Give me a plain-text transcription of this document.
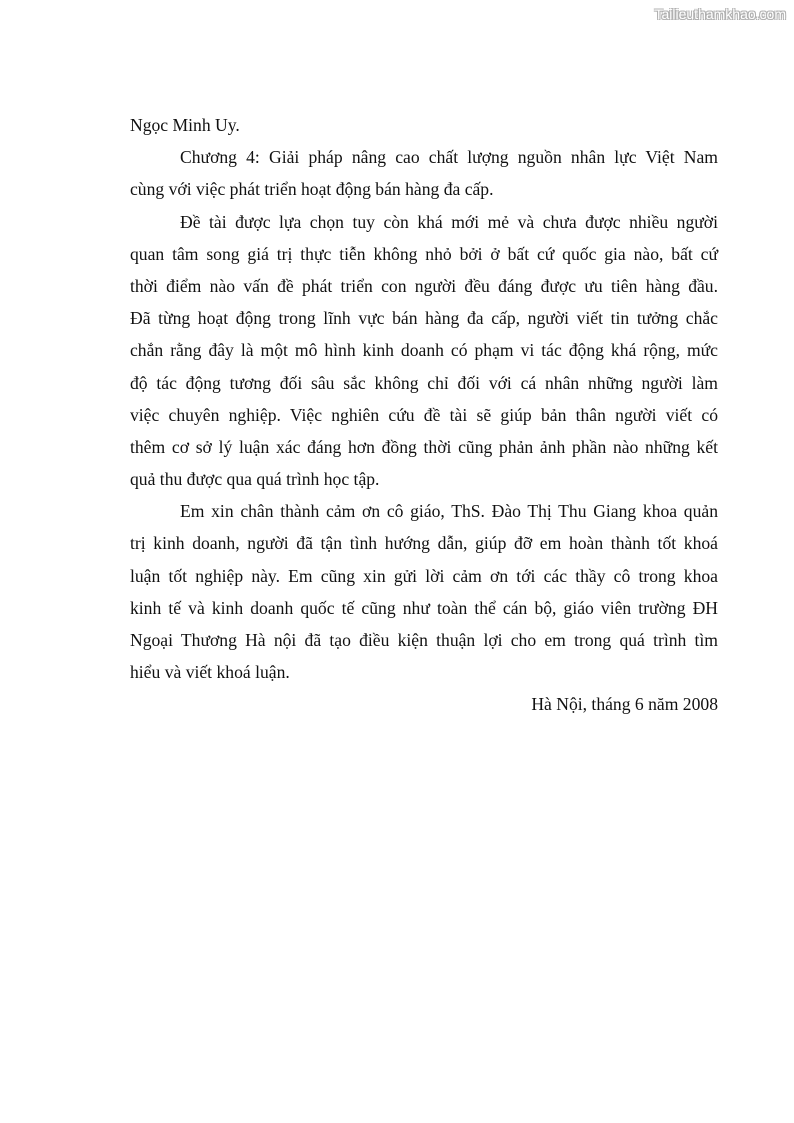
Tailieuthamkhao.com
Ngọc Minh Uy.
Chương 4: Giải pháp nâng cao chất lượng nguồn nhân lực Việt Nam
cùng với việc phát triển hoạt động bán hàng đa cấp.
Đề tài được lựa chọn tuy còn khá mới mẻ và chưa được nhiều người
quan tâm song giá trị thực tiễn không nhỏ bởi ở bất cứ quốc gia nào, bất cứ
thời điểm nào vấn đề phát triển con người đều đáng được ưu tiên hàng đầu.
Đã từng hoạt động trong lĩnh vực bán hàng đa cấp, người viết tin tưởng chắc
chắn rằng đây là một mô hình kinh doanh có phạm vi tác động khá rộng, mức
độ tác động tương đối sâu sắc không chỉ đối với cá nhân những người làm
việc chuyên nghiệp. Việc nghiên cứu đề tài sẽ giúp bản thân người viết có
thêm cơ sở lý luận xác đáng hơn đồng thời cũng phản ảnh phần nào những kết
quả thu được qua quá trình học tập.
Em xin chân thành cảm ơn cô giáo, ThS. Đào Thị Thu Giang khoa quản
trị kinh doanh, người đã tận tình hướng dẫn, giúp đỡ em hoàn thành tốt khoá
luận tốt nghiệp này. Em cũng xin gửi lời cảm ơn tới các thầy cô trong khoa
kinh tế và kinh doanh quốc tế cũng như toàn thể cán bộ, giáo viên trường ĐH
Ngoại Thương Hà nội đã tạo điều kiện thuận lợi cho em trong quá trình tìm
hiểu và viết khoá luận.
Hà Nội, tháng 6 năm 2008
